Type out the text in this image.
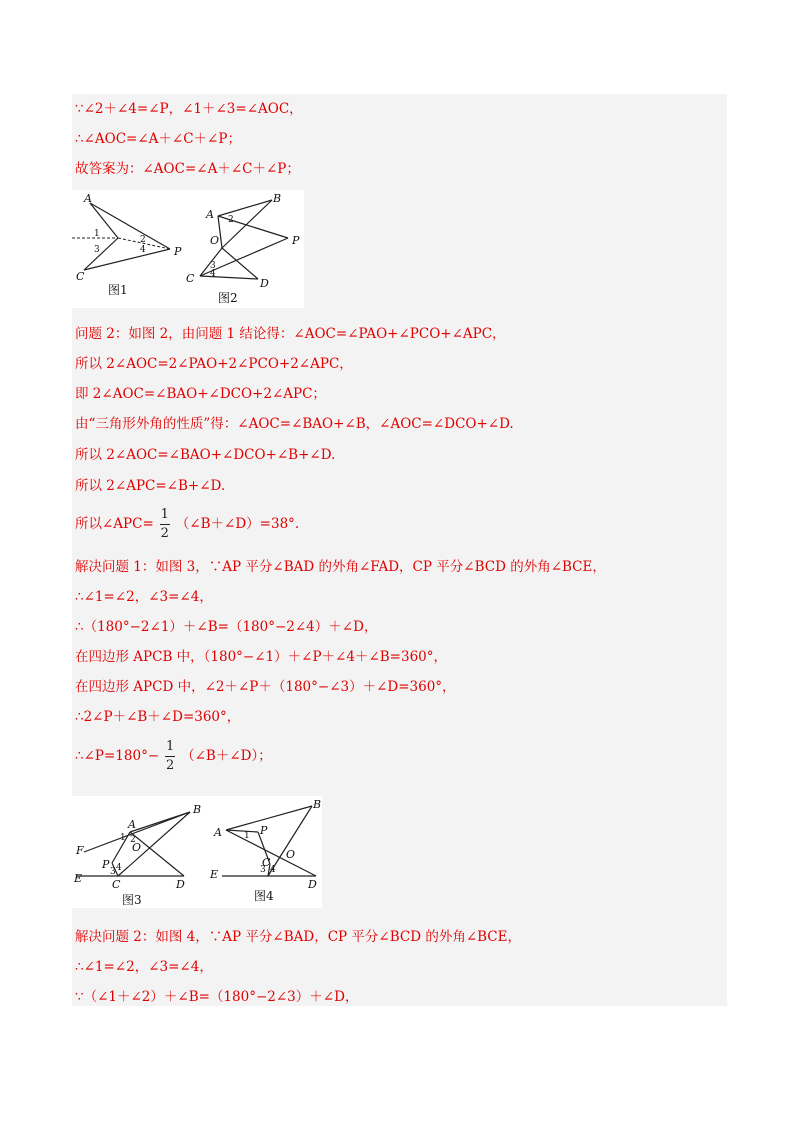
∵∠2＋∠4=∠P，∠1＋∠3=∠AOC，
∴∠AOC=∠A＋∠C＋∠P；
故答案为：∠AOC=∠A＋∠C＋∠P；
A
C
P
1
3
2
4
图1
A
B
C	D
O	P
2
3
4
图2
问题 2：如图 2，由问题 1 结论得：∠AOC=∠PAO+∠PCO+∠APC，
所以 2∠AOC=2∠PAO+2∠PCO+2∠APC，
即 2∠AOC=∠BAO+∠DCO+2∠APC；
由“三角形外角的性质”得：∠AOC=∠BAO+∠B，∠AOC=∠DCO+∠D.
所以 2∠AOC=∠BAO+∠DCO+∠B+∠D.
所以 2∠APC=∠B+∠D.
所以∠APC= $\frac{1}{2}$ （∠B＋∠D）=38°.
解决问题 1：如图 3，∵AP 平分∠BAD 的外角∠FAD，CP 平分∠BCD 的外角∠BCE，
∴∠1=∠2，∠3=∠4，
∴（180°−2∠1）＋∠B=（180°−2∠4）＋∠D，
在四边形 APCB 中，（180°−∠1）＋∠P＋∠4＋∠B=360°，
在四边形 APCD 中，∠2＋∠P＋（180°−∠3）＋∠D=360°，
∴2∠P＋∠B＋∠D=360°，
∴∠P=180°− $\frac{1}{2}$ （∠B＋∠D）；
F
E
A
B
C	D
O
P
1 2
3 4
图3
A
B
C
D
E
O
P
1
3 4
图4
解决问题 2：如图 4，∵AP 平分∠BAD，CP 平分∠BCD 的外角∠BCE，
∴∠1=∠2，∠3=∠4，
∵（∠1＋∠2）＋∠B=（180°−2∠3）＋∠D，
